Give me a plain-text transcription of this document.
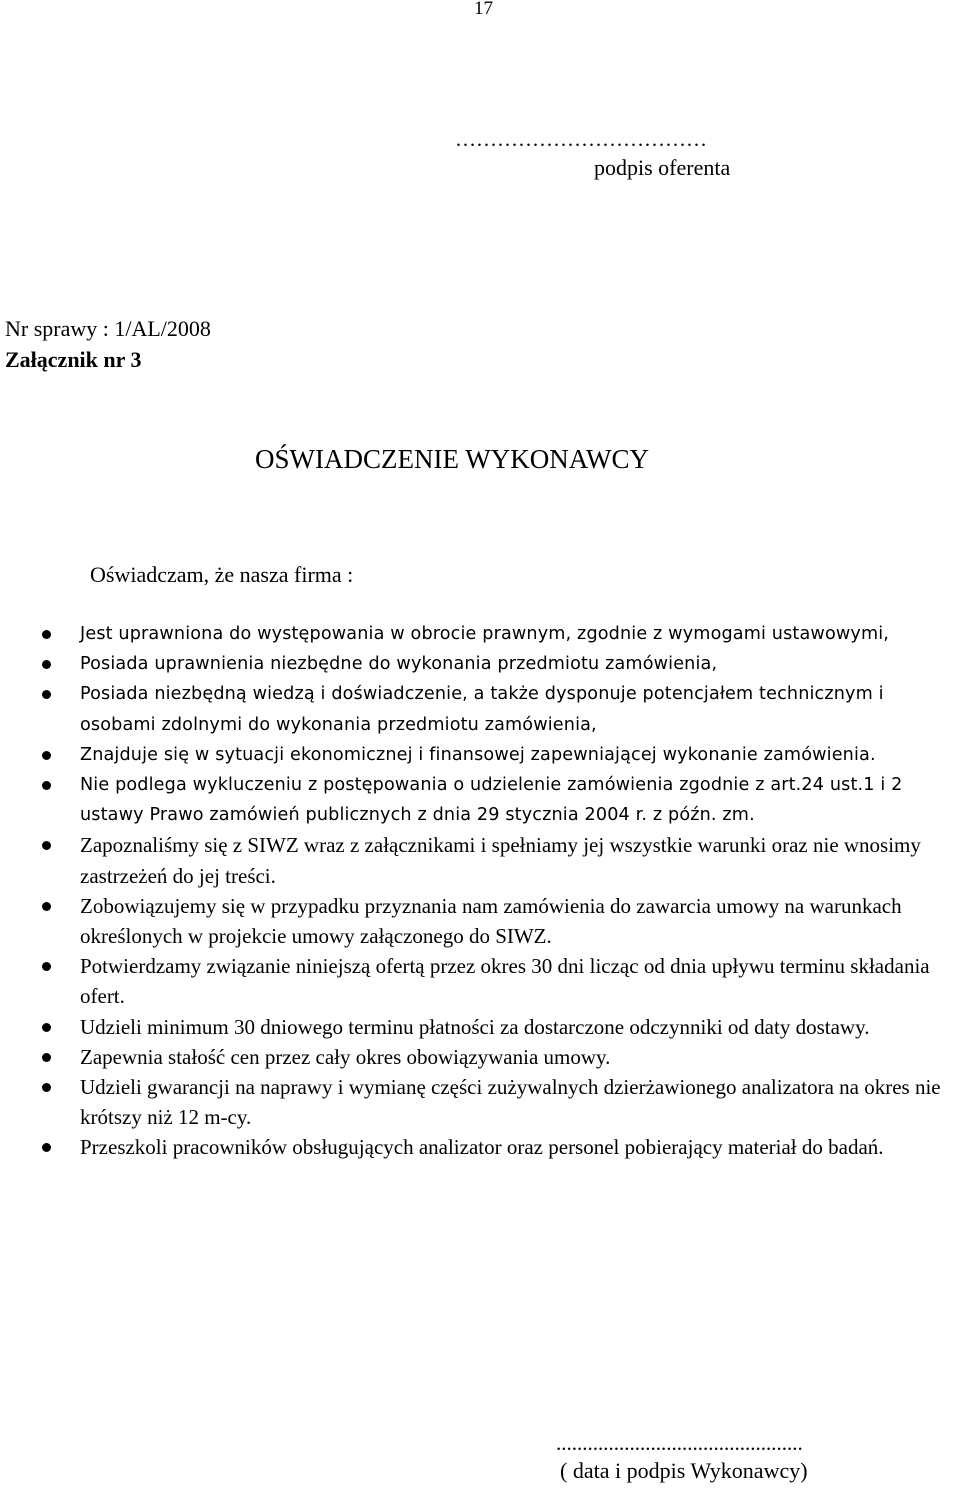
17
………………………………
podpis oferenta
Nr sprawy : 1/AL/2008
Załącznik nr 3
OŚWIADCZENIE WYKONAWCY
Oświadczam, że nasza firma :
Jest uprawniona do występowania w obrocie prawnym, zgodnie z wymogami ustawowymi,
Posiada uprawnienia niezbędne do wykonania przedmiotu zamówienia,
Posiada niezbędną wiedzą i doświadczenie, a także dysponuje potencjałem technicznym i osobami zdolnymi do wykonania przedmiotu zamówienia,
Znajduje się w sytuacji ekonomicznej i finansowej zapewniającej wykonanie zamówienia.
Nie podlega wykluczeniu z postępowania o udzielenie zamówienia zgodnie z art.24 ust.1 i 2 ustawy Prawo zamówień publicznych z dnia 29 stycznia 2004 r. z późn. zm.
Zapoznaliśmy się z SIWZ wraz z załącznikami i spełniamy jej wszystkie warunki oraz nie wnosimy zastrzeżeń do jej treści.
Zobowiązujemy się w przypadku przyznania nam zamówienia do zawarcia umowy na warunkach określonych w projekcie umowy załączonego do SIWZ.
Potwierdzamy związanie niniejszą ofertą przez okres 30 dni licząc od dnia upływu terminu składania ofert.
Udzieli minimum 30 dniowego terminu płatności za dostarczone odczynniki od daty dostawy.
Zapewnia stałość cen przez cały okres obowiązywania umowy.
Udzieli gwarancji na naprawy i wymianę części zużywalnych dzierżawionego analizatora na okres nie krótszy niż 12 m-cy.
Przeszkoli pracowników obsługujących analizator oraz personel pobierający materiał do badań.
...............................................
( data i podpis Wykonawcy)
